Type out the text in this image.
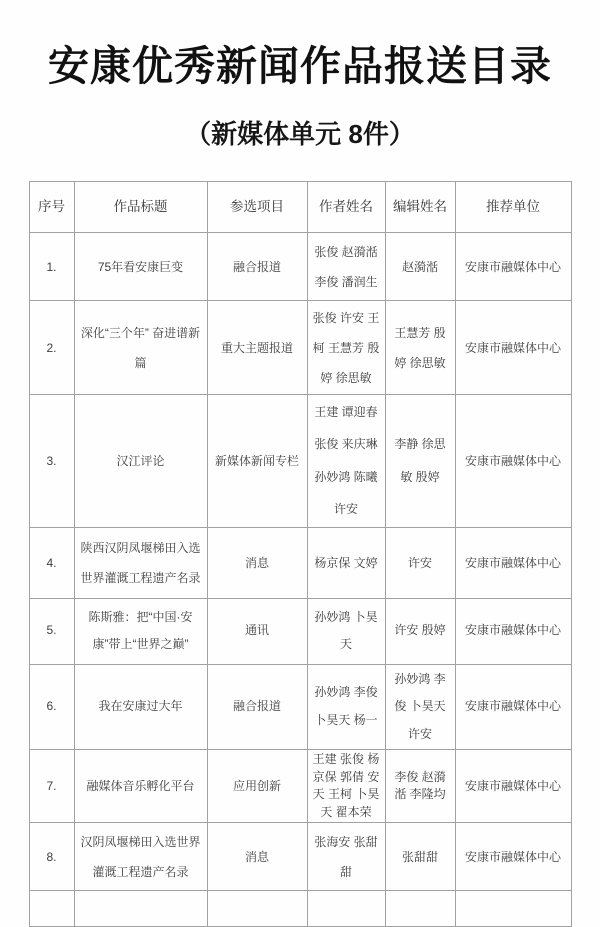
安康优秀新闻作品报送目录
（新媒体单元 8件）
序号	作品标题	参选项目	作者姓名	编辑姓名	推荐单位
1.	75年看安康巨变	融合报道	张俊 赵漪湉 李俊 潘润生	赵漪湉	安康市融媒体中心
2.	深化“三个年” 奋进谱新篇	重大主题报道	张俊 许安 王柯 王慧芳 殷婷 徐思敏	王慧芳 殷婷 徐思敏	安康市融媒体中心
3.	汉江评论	新媒体新闻专栏	王建 谭迎春 张俊 来庆琳 孙妙鸿 陈曦 许安	李静 徐思敏 殷婷	安康市融媒体中心
4.	陕西汉阴凤堰梯田入选世界灌溉工程遗产名录	消息	杨京保 文婷	许安	安康市融媒体中心
5.	陈斯雅：把“中国·安康”带上“世界之巅”	通讯	孙妙鸿 卜昊天	许安 殷婷	安康市融媒体中心
6.	我在安康过大年	融合报道	孙妙鸿 李俊 卜昊天 杨一	孙妙鸿 李俊 卜昊天 许安	安康市融媒体中心
7.	融媒体音乐孵化平台	应用创新	王建 张俊 杨京保 郭倩 安天 王柯 卜昊天 翟本荣	李俊 赵漪湉 李隆均	安康市融媒体中心
8.	汉阴凤堰梯田入选世界灌溉工程遗产名录	消息	张海安 张甜甜	张甜甜	安康市融媒体中心
